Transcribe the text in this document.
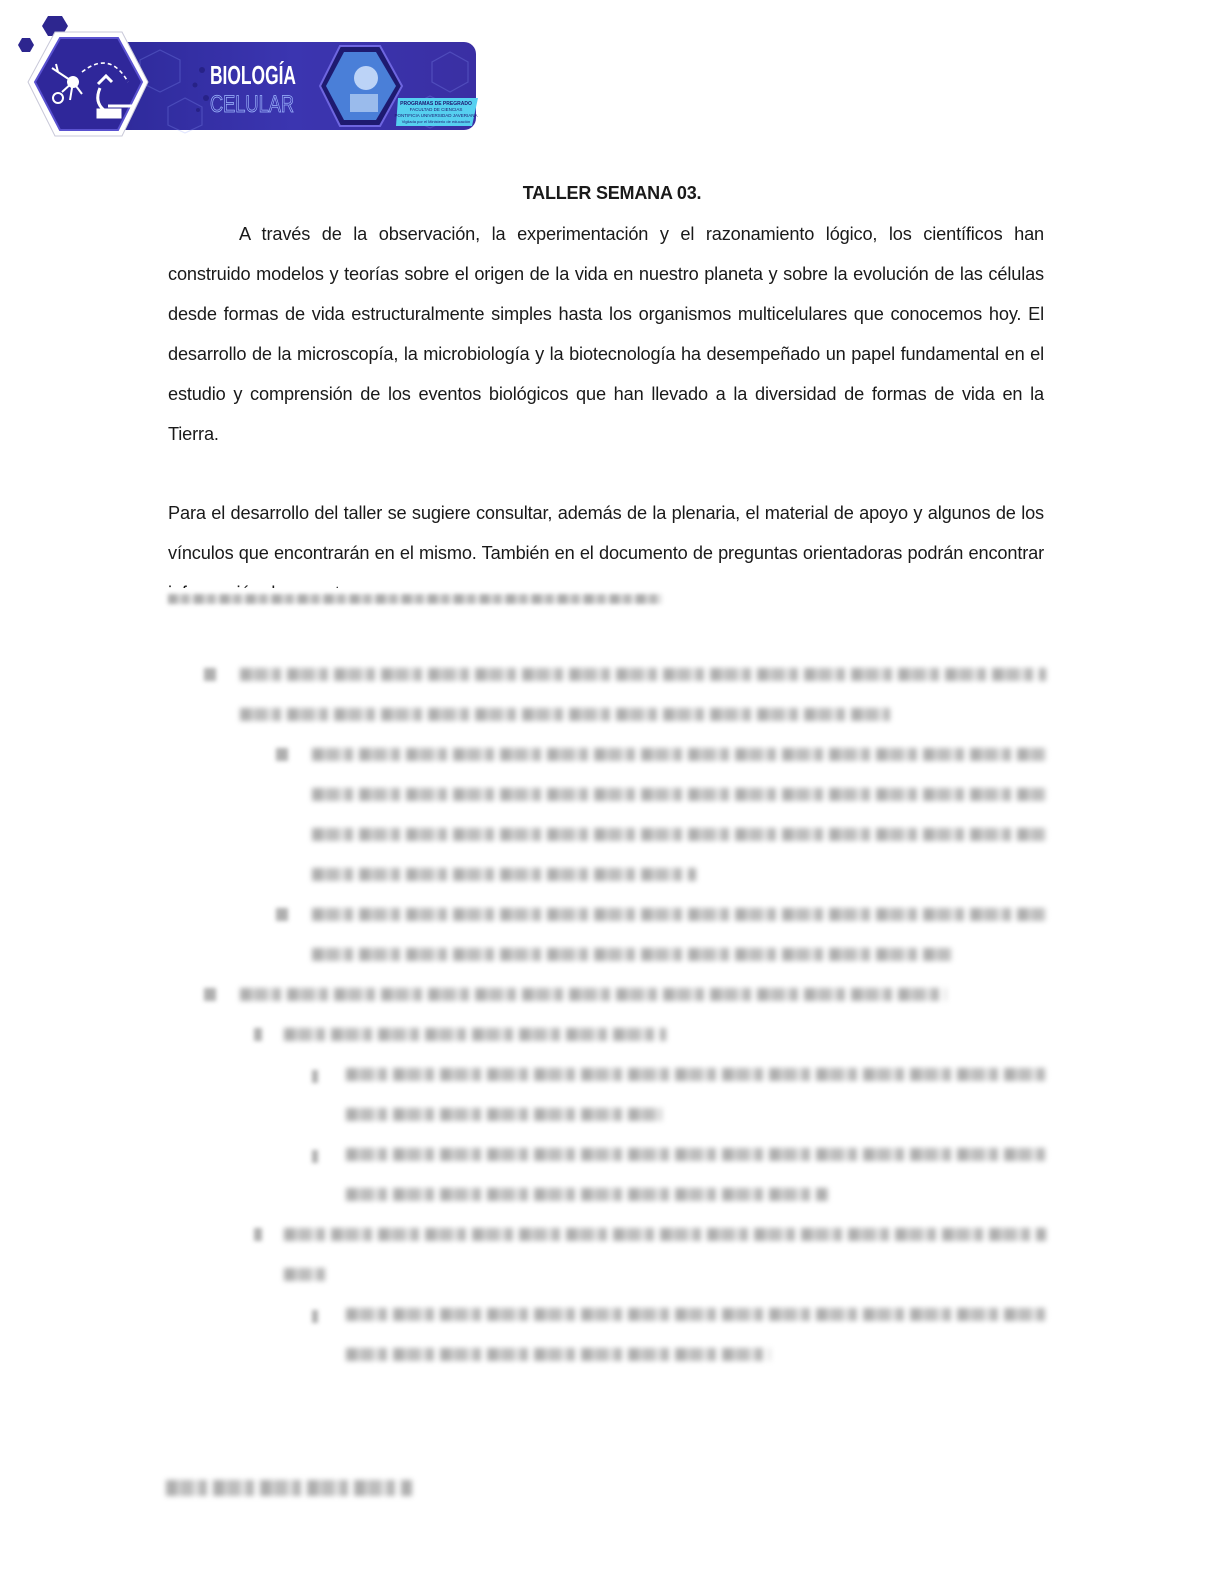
BIOLOGÍA
CELULAR	PROGRAMAS DE PREGRADO
FACULTAD DE CIENCIAS
PONTIFICIA UNIVERSIDAD JAVERIANA
Vigilada por el Ministerio de educación
TALLER SEMANA 03.
A través de la observación, la experimentación y el razonamiento lógico, los científicos han construido modelos y teorías sobre el origen de la vida en nuestro planeta y sobre la evolución de las células desde formas de vida estructuralmente simples hasta los organismos multicelulares que conocemos hoy. El desarrollo de la microscopía, la microbiología y la biotecnología ha desempeñado un papel fundamental en el estudio y comprensión de los eventos biológicos que han llevado a la diversidad de formas de vida en la Tierra.
Para el desarrollo del taller se sugiere consultar, además de la plenaria, el material de apoyo y algunos de los vínculos que encontrarán en el mismo. También en el documento de preguntas orientadoras podrán encontrar
